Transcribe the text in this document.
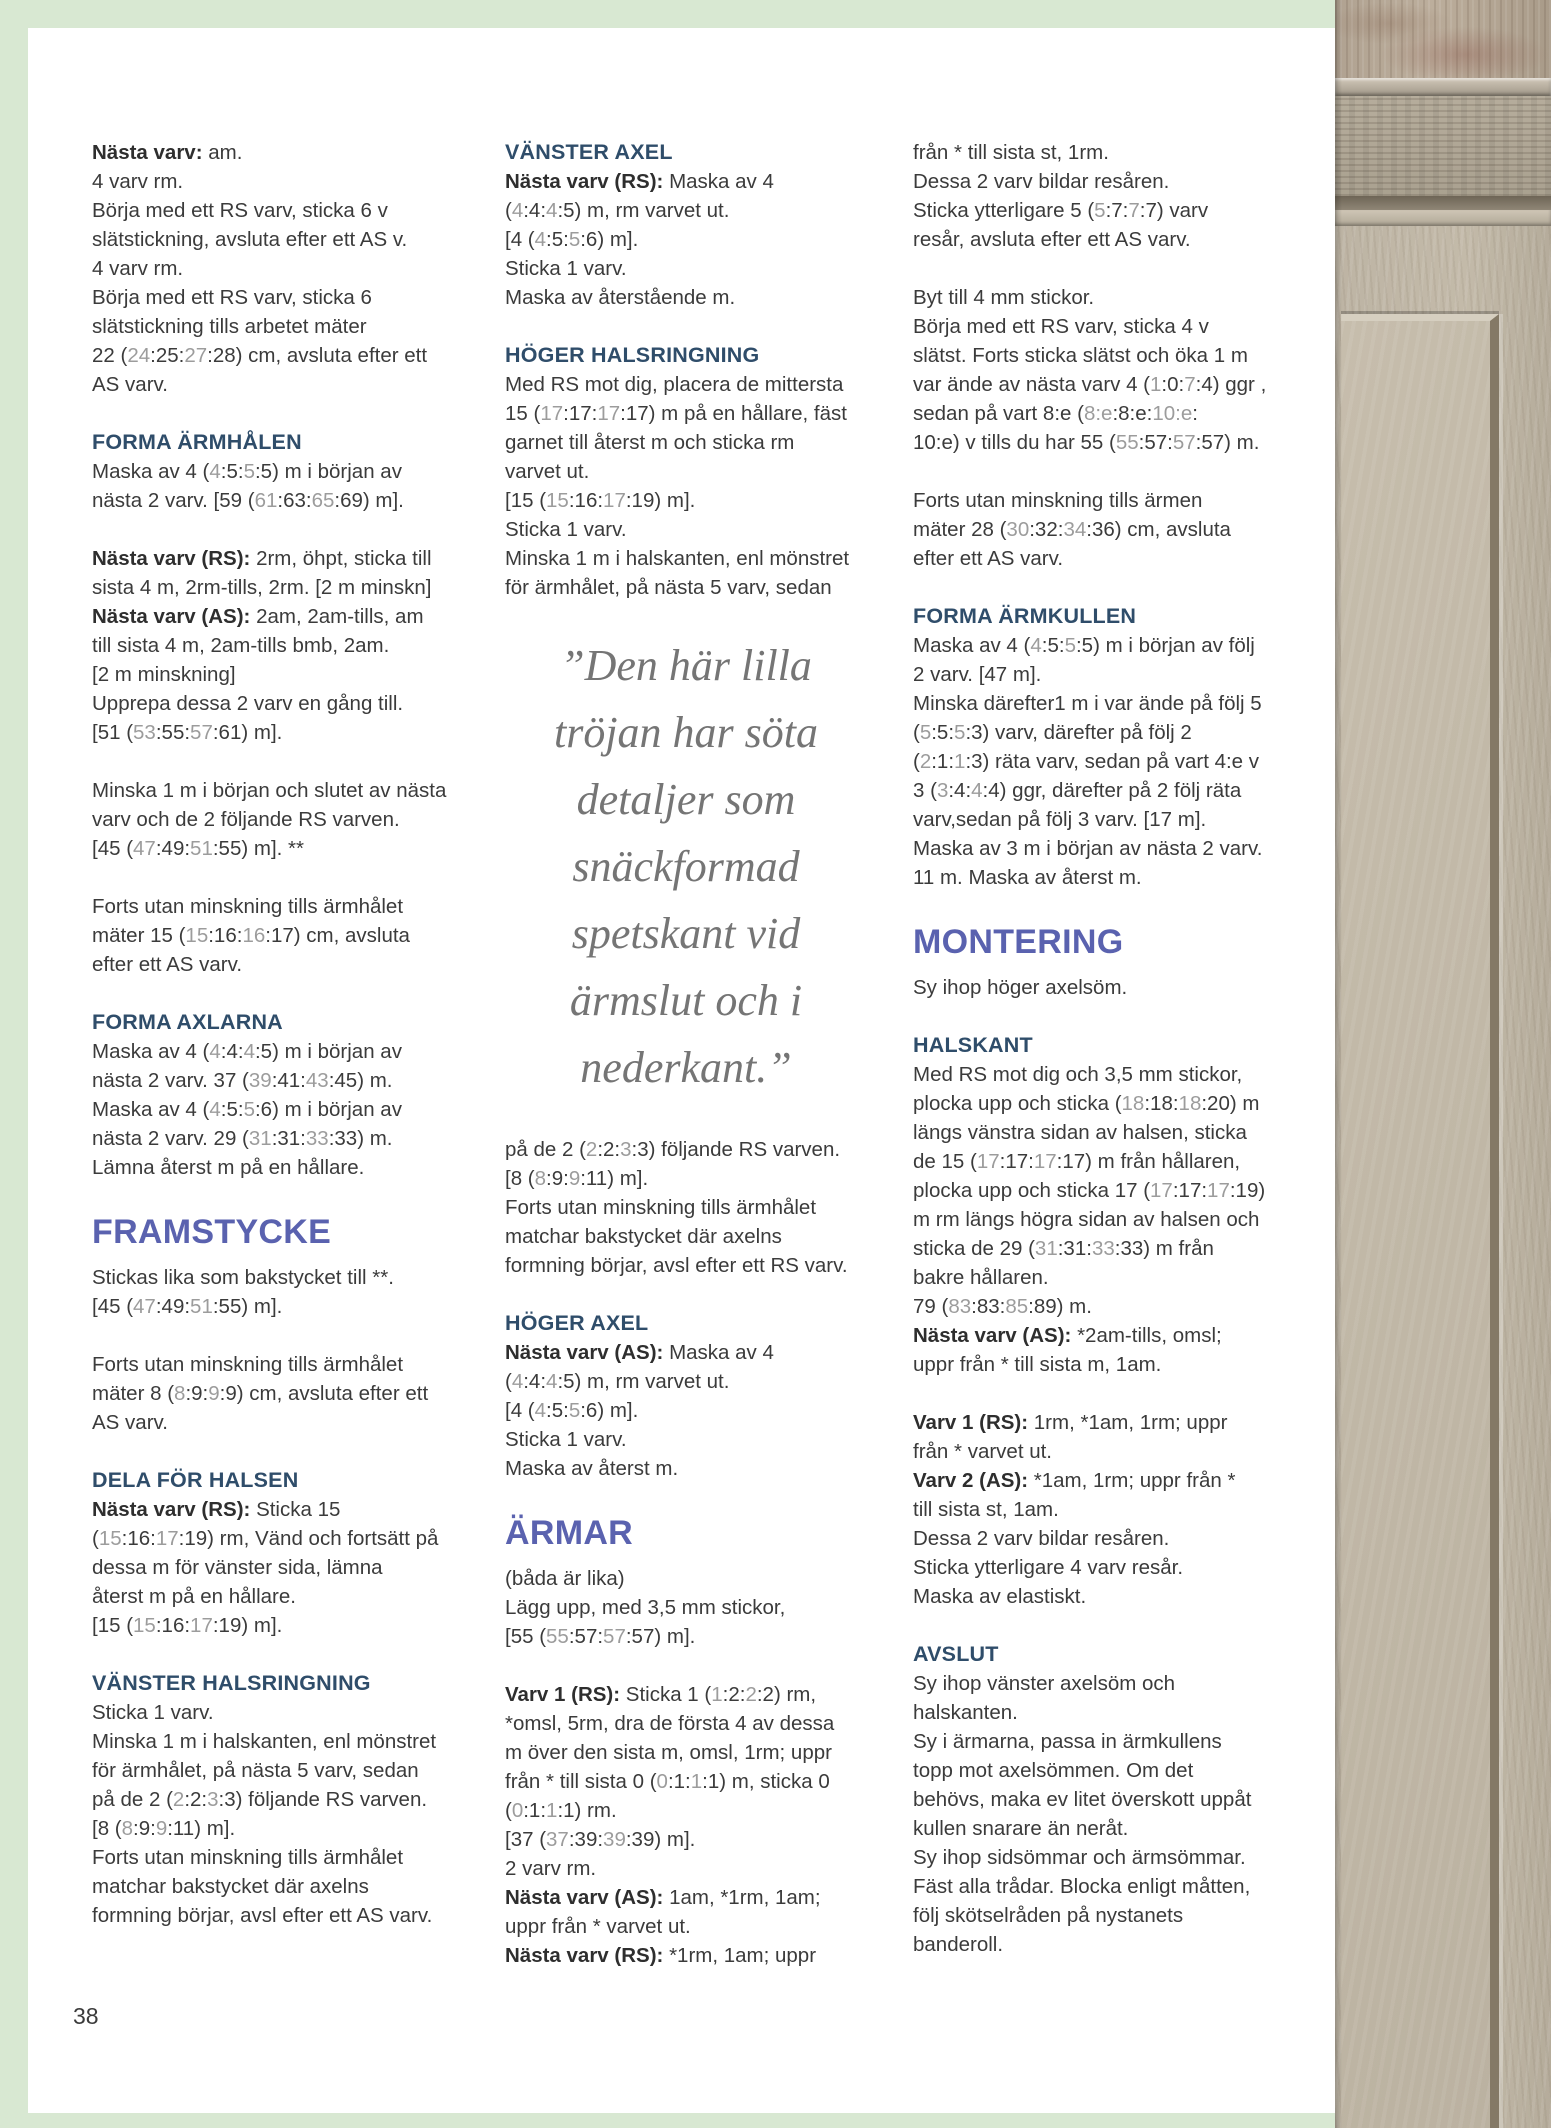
Nästa varv: am.
4 varv rm.
Börja med ett RS varv, sticka 6 v
slätstickning, avsluta efter ett AS v.
4 varv rm.
Börja med ett RS varv, sticka 6
slätstickning tills arbetet mäter
22 (24:25:27:28) cm, avsluta efter ett
AS varv.
FORMA ÄRMHÅLEN
Maska av 4 (4:5:5:5) m i början av
nästa 2 varv. [59 (61:63:65:69) m].
Nästa varv (RS): 2rm, öhpt, sticka till
sista 4 m, 2rm-tills, 2rm. [2 m minskn]
Nästa varv (AS): 2am, 2am-tills, am
till sista 4 m, 2am-tills bmb, 2am.
[2 m minskning]
Upprepa dessa 2 varv en gång till.
[51 (53:55:57:61) m].
Minska 1 m i början och slutet av nästa
varv och de 2 följande RS varven.
[45 (47:49:51:55) m]. **
Forts utan minskning tills ärmhålet
mäter 15 (15:16:16:17) cm, avsluta
efter ett AS varv.
FORMA AXLARNA
Maska av 4 (4:4:4:5) m i början av
nästa 2 varv. 37 (39:41:43:45) m.
Maska av 4 (4:5:5:6) m i början av
nästa 2 varv. 29 (31:31:33:33) m.
Lämna återst m på en hållare.
FRAMSTYCKE
Stickas lika som bakstycket till **.
[45 (47:49:51:55) m].
Forts utan minskning tills ärmhålet
mäter 8 (8:9:9:9) cm, avsluta efter ett
AS varv.
DELA FÖR HALSEN
Nästa varv (RS): Sticka 15
(15:16:17:19) rm, Vänd och fortsätt på
dessa m för vänster sida, lämna
återst m på en hållare.
[15 (15:16:17:19) m].
VÄNSTER HALSRINGNING
Sticka 1 varv.
Minska 1 m i halskanten, enl mönstret
för ärmhålet, på nästa 5 varv, sedan
på de 2 (2:2:3:3) följande RS varven.
[8 (8:9:9:11) m].
Forts utan minskning tills ärmhålet
matchar bakstycket där axelns
formning börjar, avsl efter ett AS varv.
VÄNSTER AXEL
Nästa varv (RS): Maska av 4
(4:4:4:5) m, rm varvet ut.
[4 (4:5:5:6) m].
Sticka 1 varv.
Maska av återstående m.
HÖGER HALSRINGNING
Med RS mot dig, placera de mittersta
15 (17:17:17:17) m på en hållare, fäst
garnet till återst m och sticka rm
varvet ut.
[15 (15:16:17:19) m].
Sticka 1 varv.
Minska 1 m i halskanten, enl mönstret
för ärmhålet, på nästa 5 varv, sedan
”Den här lilla
tröjan har söta
detaljer som
snäckformad
spetskant vid
ärmslut och i
nederkant.”
på de 2 (2:2:3:3) följande RS varven.
[8 (8:9:9:11) m].
Forts utan minskning tills ärmhålet
matchar bakstycket där axelns
formning börjar, avsl efter ett RS varv.
HÖGER AXEL
Nästa varv (AS): Maska av 4
(4:4:4:5) m, rm varvet ut.
[4 (4:5:5:6) m].
Sticka 1 varv.
Maska av återst m.
ÄRMAR
(båda är lika)
Lägg upp, med 3,5 mm stickor,
[55 (55:57:57:57) m].
Varv 1 (RS): Sticka 1 (1:2:2:2) rm,
*omsl, 5rm, dra de första 4 av dessa
m över den sista m, omsl, 1rm; uppr
från * till sista 0 (0:1:1:1) m, sticka 0
(0:1:1:1) rm.
[37 (37:39:39:39) m].
2 varv rm.
Nästa varv (AS): 1am, *1rm, 1am;
uppr från * varvet ut.
Nästa varv (RS): *1rm, 1am; uppr
från * till sista st, 1rm.
Dessa 2 varv bildar resåren.
Sticka ytterligare 5 (5:7:7:7) varv
resår, avsluta efter ett AS varv.
Byt till 4 mm stickor.
Börja med ett RS varv, sticka 4 v
slätst. Forts sticka slätst och öka 1 m
var ände av nästa varv 4 (1:0:7:4) ggr ,
sedan på vart 8:e (8:e:8:e:10:e:
10:e) v tills du har 55 (55:57:57:57) m.
Forts utan minskning tills ärmen
mäter 28 (30:32:34:36) cm, avsluta
efter ett AS varv.
FORMA ÄRMKULLEN
Maska av 4 (4:5:5:5) m i början av följ
2 varv. [47 m].
Minska därefter1 m i var ände på följ 5
(5:5:5:3) varv, därefter på följ 2
(2:1:1:3) räta varv, sedan på vart 4:e v
3 (3:4:4:4) ggr, därefter på 2 följ räta
varv,sedan på följ 3 varv. [17 m].
Maska av 3 m i början av nästa 2 varv.
11 m. Maska av återst m.
MONTERING
Sy ihop höger axelsöm.
HALSKANT
Med RS mot dig och 3,5 mm stickor,
plocka upp och sticka (18:18:18:20) m
längs vänstra sidan av halsen, sticka
de 15 (17:17:17:17) m från hållaren,
plocka upp och sticka 17 (17:17:17:19)
m rm längs högra sidan av halsen och
sticka de 29 (31:31:33:33) m från
bakre hållaren.
79 (83:83:85:89) m.
Nästa varv (AS): *2am-tills, omsl;
uppr från * till sista m, 1am.
Varv 1 (RS): 1rm, *1am, 1rm; uppr
från * varvet ut.
Varv 2 (AS): *1am, 1rm; uppr från *
till sista st, 1am.
Dessa 2 varv bildar resåren.
Sticka ytterligare 4 varv resår.
Maska av elastiskt.
AVSLUT
Sy ihop vänster axelsöm och
halskanten.
Sy i ärmarna, passa in ärmkullens
topp mot axelsömmen. Om det
behövs, maka ev litet överskott uppåt
kullen snarare än neråt.
Sy ihop sidsömmar och ärmsömmar.
Fäst alla trådar. Blocka enligt måtten,
följ skötselråden på nystanets
banderoll.
38
